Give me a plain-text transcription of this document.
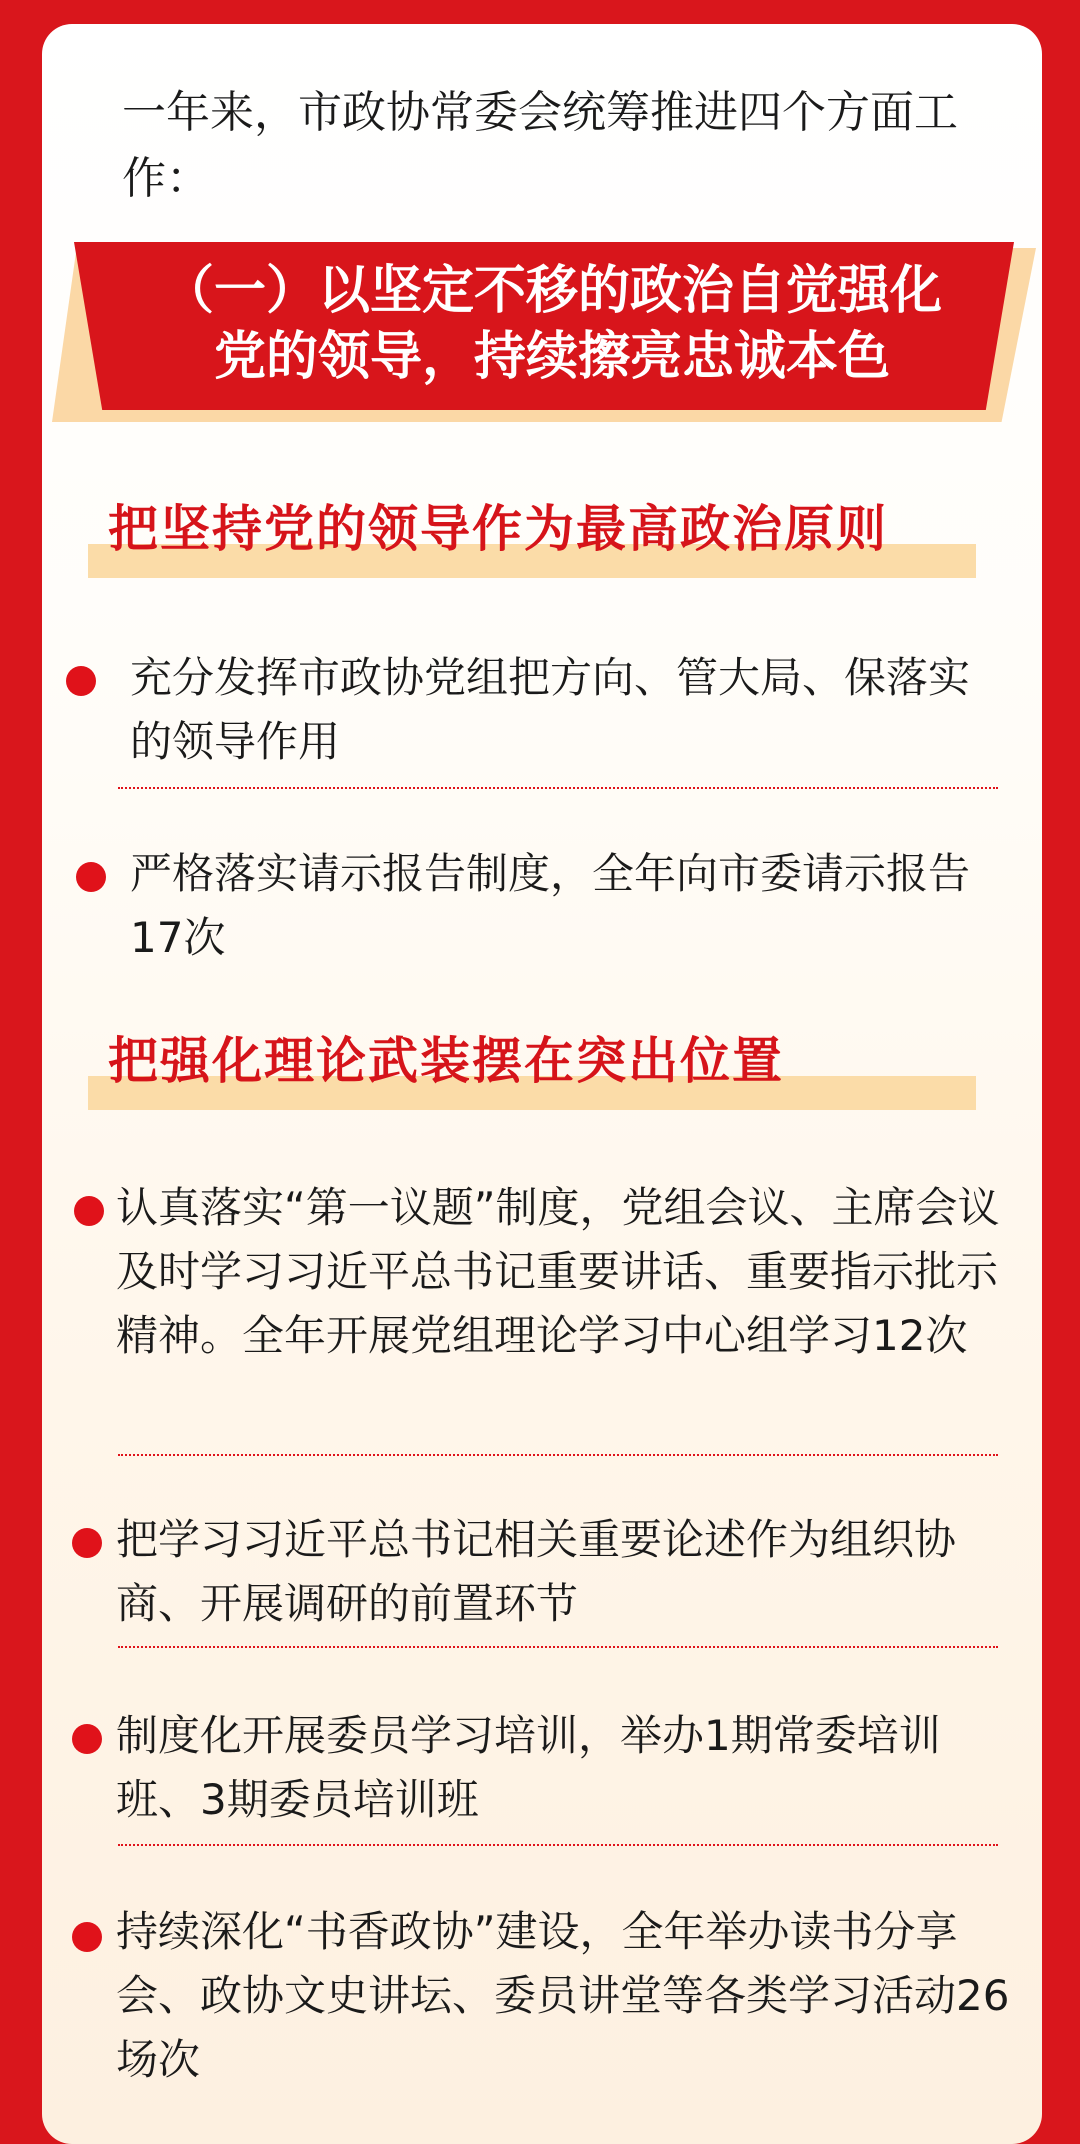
一年来，市政协常委会统筹推进四个方面工作：

（一）以坚定不移的政治自觉强化
党的领导，持续擦亮忠诚本色

把坚持党的领导作为最高政治原则

充分发挥市政协党组把方向、管大局、保落实的领导作用

严格落实请示报告制度，全年向市委请示报告17次

把强化理论武装摆在突出位置

认真落实“第一议题”制度，党组会议、主席会议及时学习习近平总书记重要讲话、重要指示批示精神。全年开展党组理论学习中心组学习12次

把学习习近平总书记相关重要论述作为组织协商、开展调研的前置环节

制度化开展委员学习培训，举办1期常委培训班、3期委员培训班

持续深化“书香政协”建设，全年举办读书分享会、政协文史讲坛、委员讲堂等各类学习活动26场次
